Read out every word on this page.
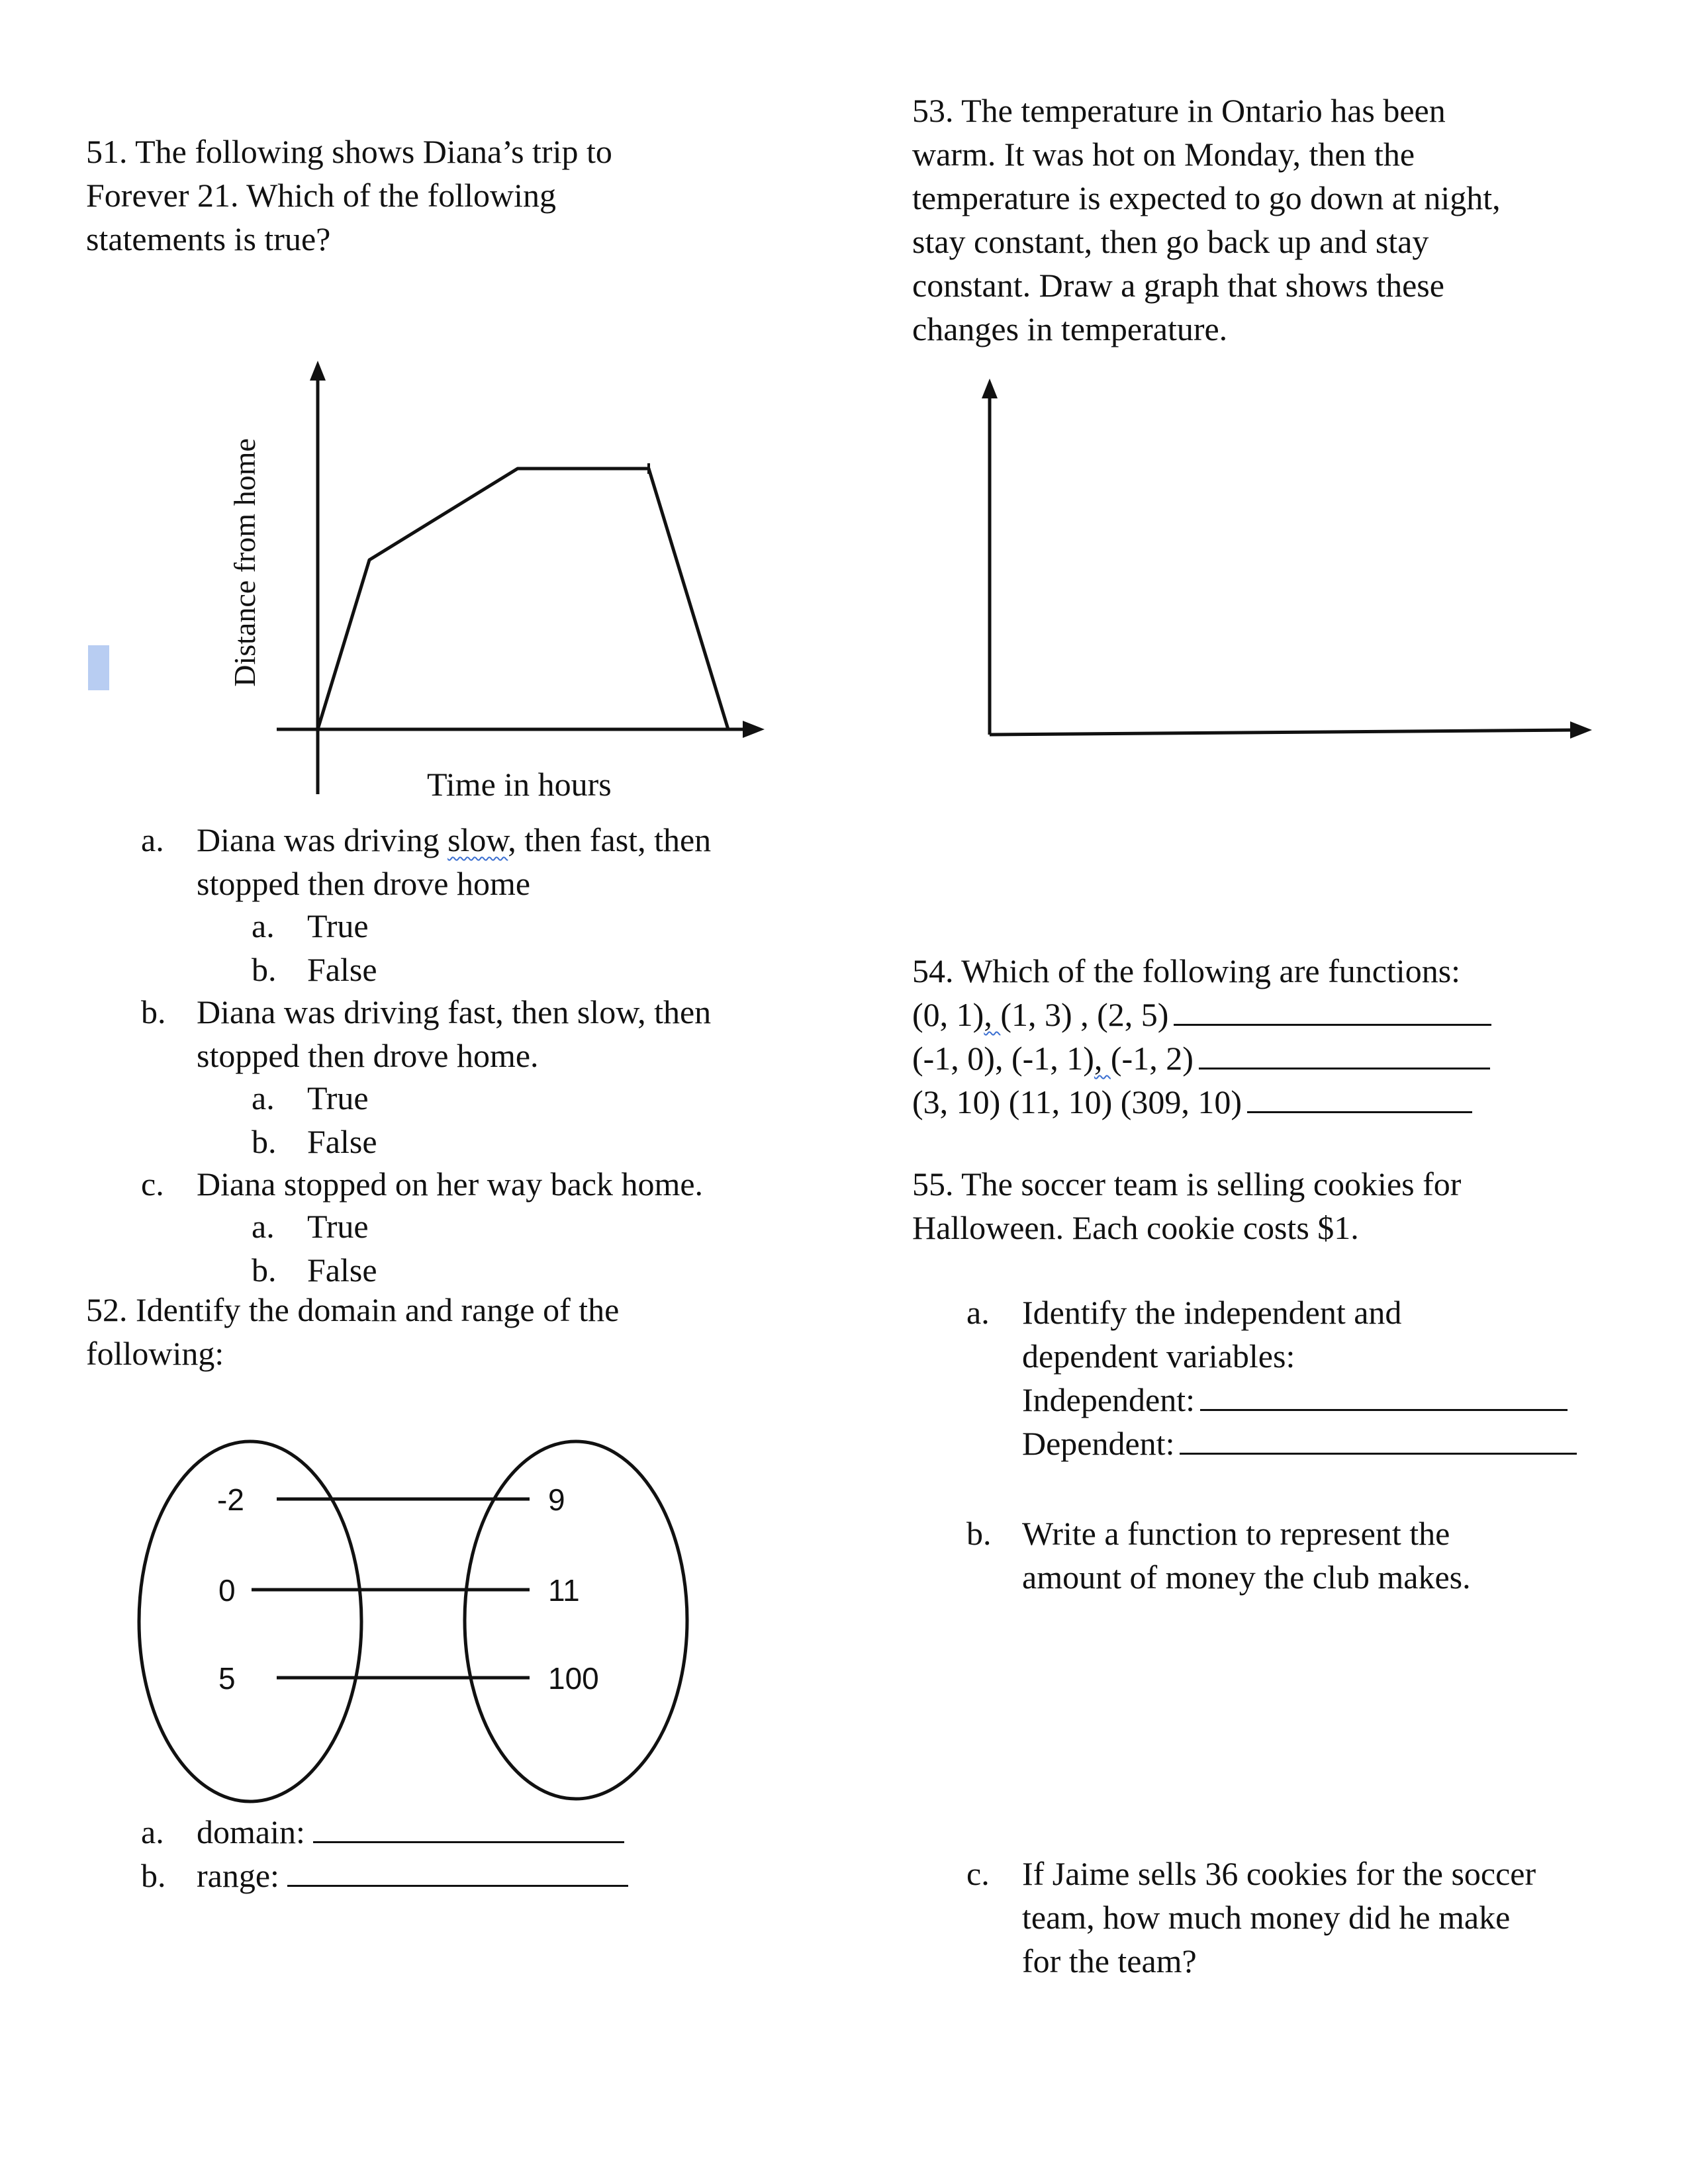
51. The following shows Diana’s trip to
Forever 21. Which of the following
statements is true?
Distance from home
Time in hours
a. Diana was driving slow, then fast, then
stopped then drove home
a. True
b. False
b. Diana was driving fast, then slow, then
stopped then drove home.
a. True
b. False
c. Diana stopped on her way back home.
a. True
b. False
52. Identify the domain and range of the
following:
-2
0
5
9
11
100
a. domain:
b. range:
53. The temperature in Ontario has been
warm. It was hot on Monday, then the
temperature is expected to go down at night,
stay constant, then go back up and stay
constant. Draw a graph that shows these
changes in temperature.
54. Which of the following are functions:
(0, 1), (1, 3) , (2, 5)
(-1, 0), (-1, 1), (-1, 2)
(3, 10) (11, 10) (309, 10)
55. The soccer team is selling cookies for
Halloween. Each cookie costs $1.
a. Identify the independent and
dependent variables:
Independent:
Dependent:
b. Write a function to represent the
amount of money the club makes.
c. If Jaime sells 36 cookies for the soccer
team, how much money did he make
for the team?
